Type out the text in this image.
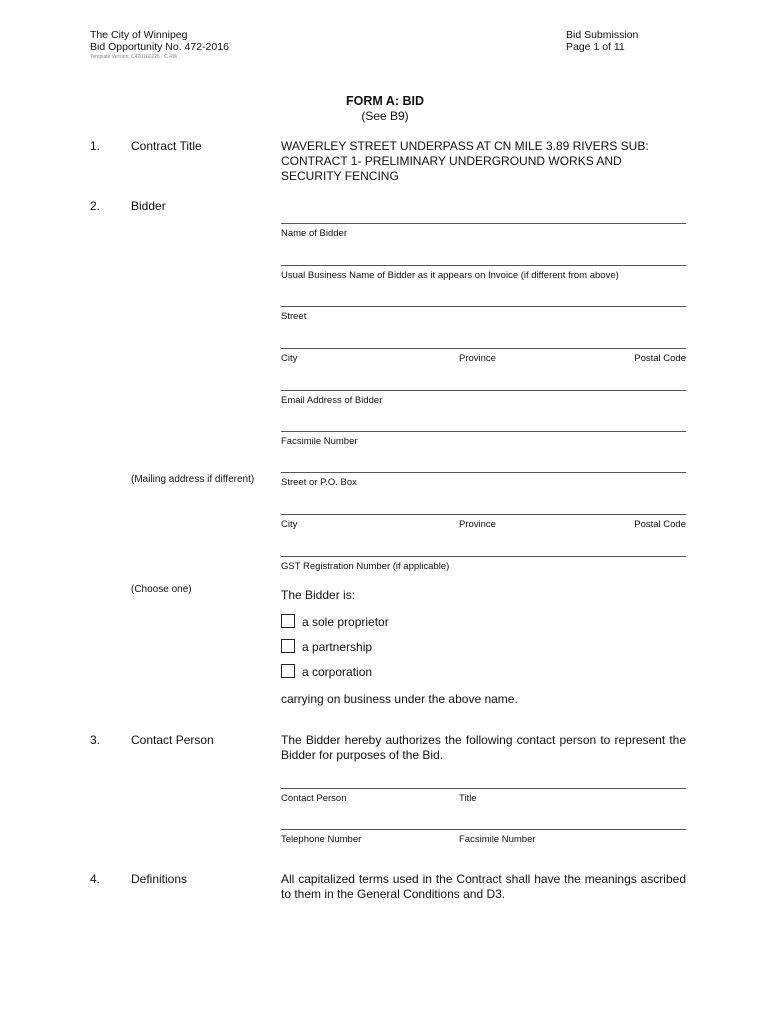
The City of Winnipeg
Bid Opportunity No. 472-2016
Template Version: C420160226 - C RW
Bid Submission
Page 1 of 11
FORM A: BID
(See B9)
1.	Contract Title	WAVERLEY STREET UNDERPASS AT CN MILE 3.89 RIVERS SUB:
CONTRACT 1- PRELIMINARY UNDERGROUND WORKS AND
SECURITY FENCING
2.	Bidder
Name of Bidder
Usual Business Name of Bidder as it appears on Invoice (if different from above)
Street
City	Province	Postal Code
Email Address of Bidder
Facsimile Number
(Mailing address if different)	Street or P.O. Box
City	Province	Postal Code
GST Registration Number (if applicable)
(Choose one)	The Bidder is:
a sole proprietor
a partnership
a corporation
carrying on business under the above name.
3.	Contact Person	The Bidder hereby authorizes the following contact person to represent the Bidder for purposes of the Bid.
Contact Person	Title
Telephone Number	Facsimile Number
4.	Definitions	All capitalized terms used in the Contract shall have the meanings ascribed to them in the General Conditions and D3.
